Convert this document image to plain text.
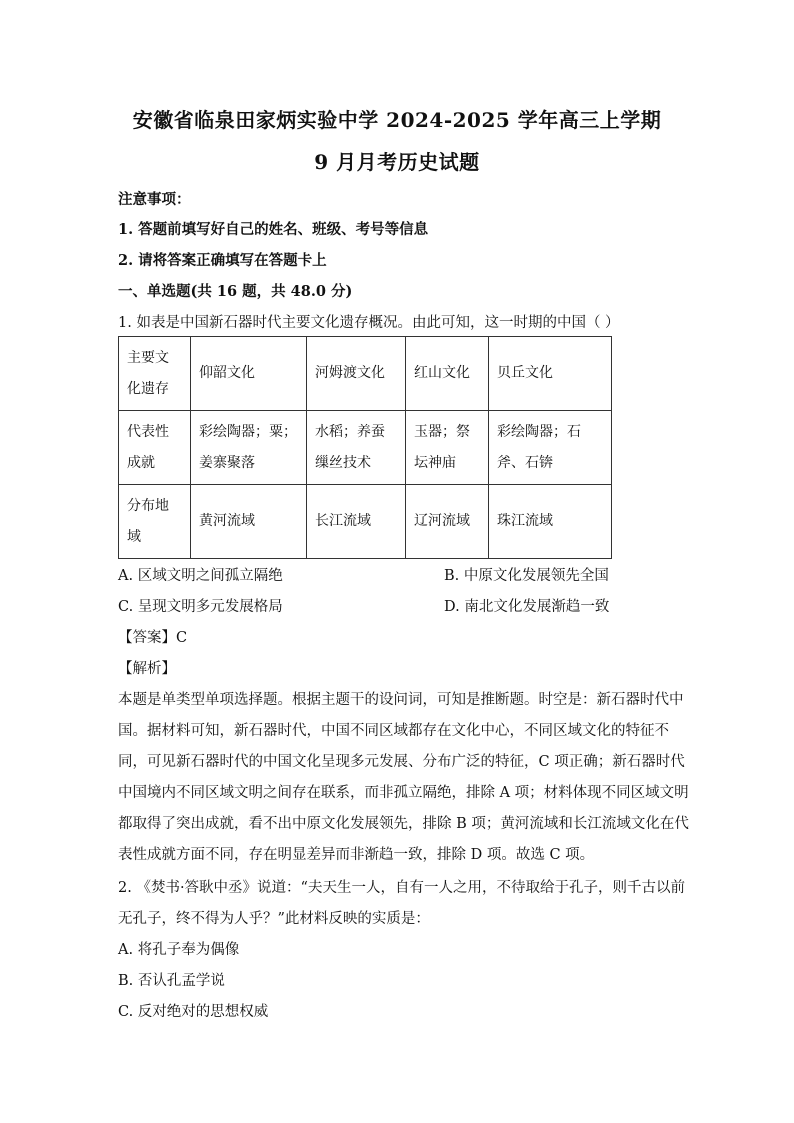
安徽省临泉田家炳实验中学 2024-2025 学年高三上学期
9 月月考历史试题
注意事项：
1. 答题前填写好自己的姓名、班级、考号等信息
2. 请将答案正确填写在答题卡上
一、单选题(共 16 题，共 48.0 分)
1. 如表是中国新石器时代主要文化遗存概况。由此可知，这一时期的中国（ ）
主要文化遗存	仰韶文化	河姆渡文化	红山文化	贝丘文化
代表性成就	彩绘陶器；粟；姜寨聚落	水稻；养蚕缫丝技术	玉器；祭坛神庙	彩绘陶器；石斧、石锛
分布地域	黄河流域	长江流域	辽河流域	珠江流域
A. 区域文明之间孤立隔绝	B. 中原文化发展领先全国
C. 呈现文明多元发展格局	D. 南北文化发展渐趋一致
【答案】C
【解析】
本题是单类型单项选择题。根据主题干的设问词，可知是推断题。时空是：新石器时代中
国。据材料可知，新石器时代，中国不同区域都存在文化中心，不同区域文化的特征不
同，可见新石器时代的中国文化呈现多元发展、分布广泛的特征，C 项正确；新石器时代
中国境内不同区域文明之间存在联系，而非孤立隔绝，排除 A 项；材料体现不同区域文明
都取得了突出成就，看不出中原文化发展领先，排除 B 项；黄河流域和长江流域文化在代
表性成就方面不同，存在明显差异而非渐趋一致，排除 D 项。故选 C 项。
2. 《焚书·答耿中丞》说道：“夫天生一人，自有一人之用，不待取给于孔子，则千古以前
无孔子，终不得为人乎？”此材料反映的实质是：
A. 将孔子奉为偶像
B. 否认孔孟学说
C. 反对绝对的思想权威
